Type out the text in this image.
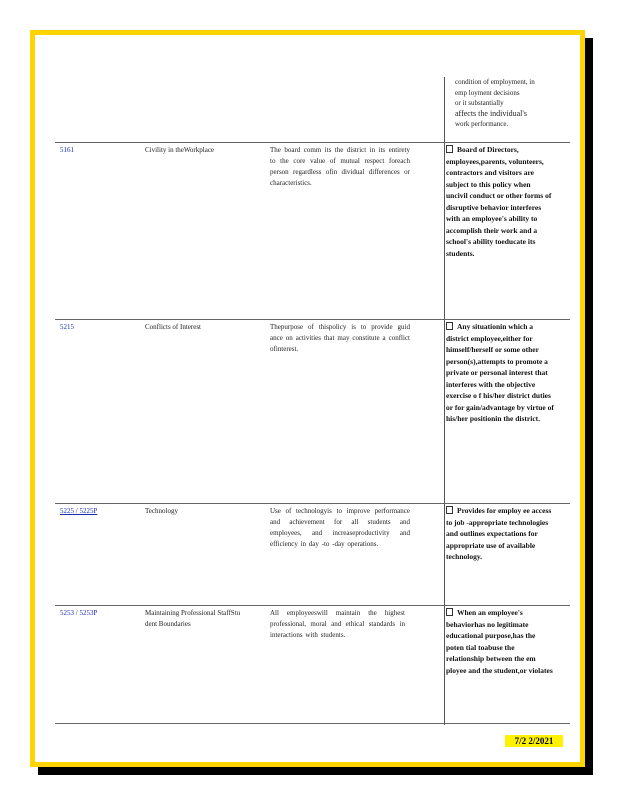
condition of employment, in
emp loyment decisions
or it substantially
affects the individual's
work performance.
5161	Civility in theWorkplace	The board comm its the district in its entirety to the core value of mutual respect foreach person regardless ofin dividual differences or characteristics.
Board of Directors, employees,parents, volunteers, contractors and visitors are subject to this policy when uncivil conduct or other forms of disruptive behavior interferes with an employee's ability to accomplish their work and a school's ability toeducate its students.
5215	Conflicts of Interest	Thepurpose of thispolicy is to provide guid ance on activities that may constitute a conflict ofinterest.
Any situationin which a district employee,either for himself/herself or some other person(s),attempts to promote a private or personal interest that interferes with the objective exercise o f his/her district duties or for gain/advantage by virtue of his/her positionin the district.
5225 / 5225P	Technology	Use of technologyis to improve performance and achievement for all students and employees, and increaseproductivity and efficiency in day -to -day operations.
Provides for employ ee access to job -appropriate technologies and outlines expectations for appropriate use of available technology.
5253 / 5253P	Maintaining Professional StaffStu dent Boundaries
All employeeswill maintain the highest professional, moral and ethical standards in interactions with students.
When an employee's behaviorhas no legitimate educational purpose,has the poten tial toabuse the relationship between the em ployee and the student,or violates
7/2 2/2021
